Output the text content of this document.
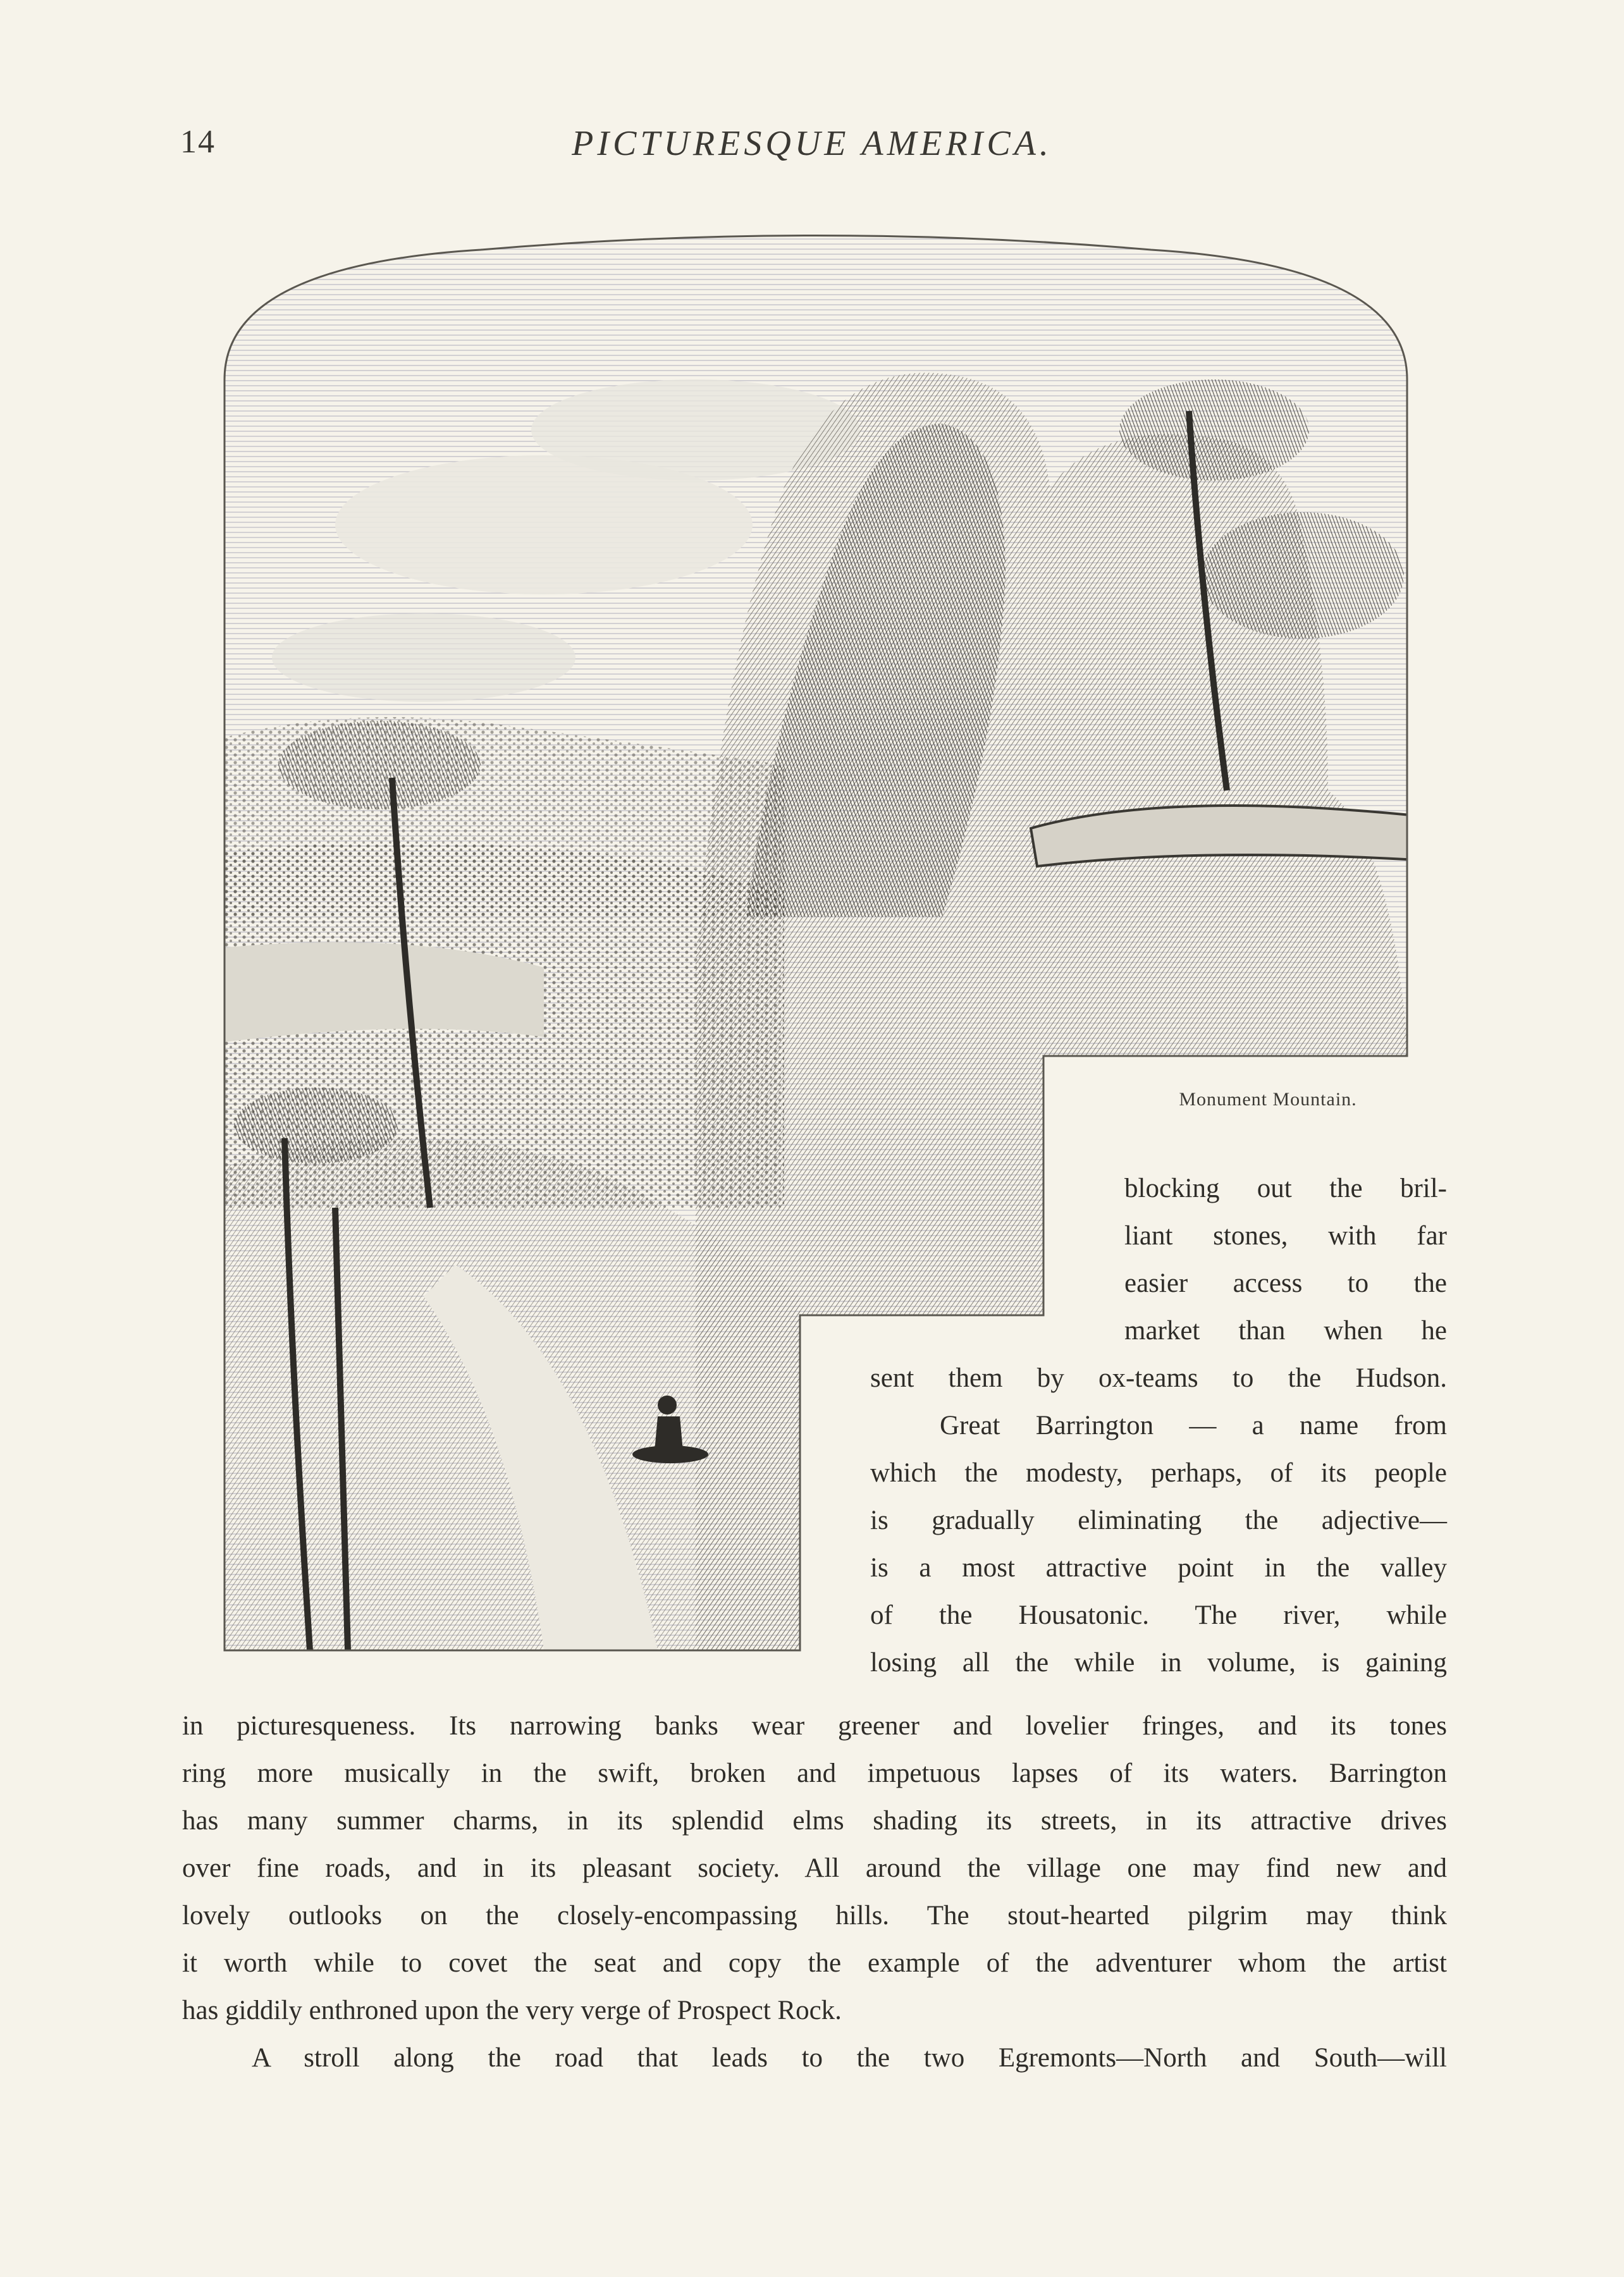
14	PICTURESQUE AMERICA.
Monument Mountain.

blocking out the bril-

liant stones, with far

easier access to the

market than when he

sent them by ox-teams to the Hudson.

Great Barrington — a name from

which the modesty, perhaps, of its people

is gradually eliminating the adjective—

is a most attractive point in the valley

of the Housatonic. The river, while

losing all the while in volume, is gaining

in picturesqueness. Its narrowing banks wear greener and lovelier fringes, and its tones

ring more musically in the swift, broken and impetuous lapses of its waters. Barrington

has many summer charms, in its splendid elms shading its streets, in its attractive drives

over fine roads, and in its pleasant society. All around the village one may find new and

lovely outlooks on the closely-encompassing hills. The stout-hearted pilgrim may think

it worth while to covet the seat and copy the example of the adventurer whom the artist

has giddily enthroned upon the very verge of Prospect Rock.

A stroll along the road that leads to the two Egremonts—North and South—will
